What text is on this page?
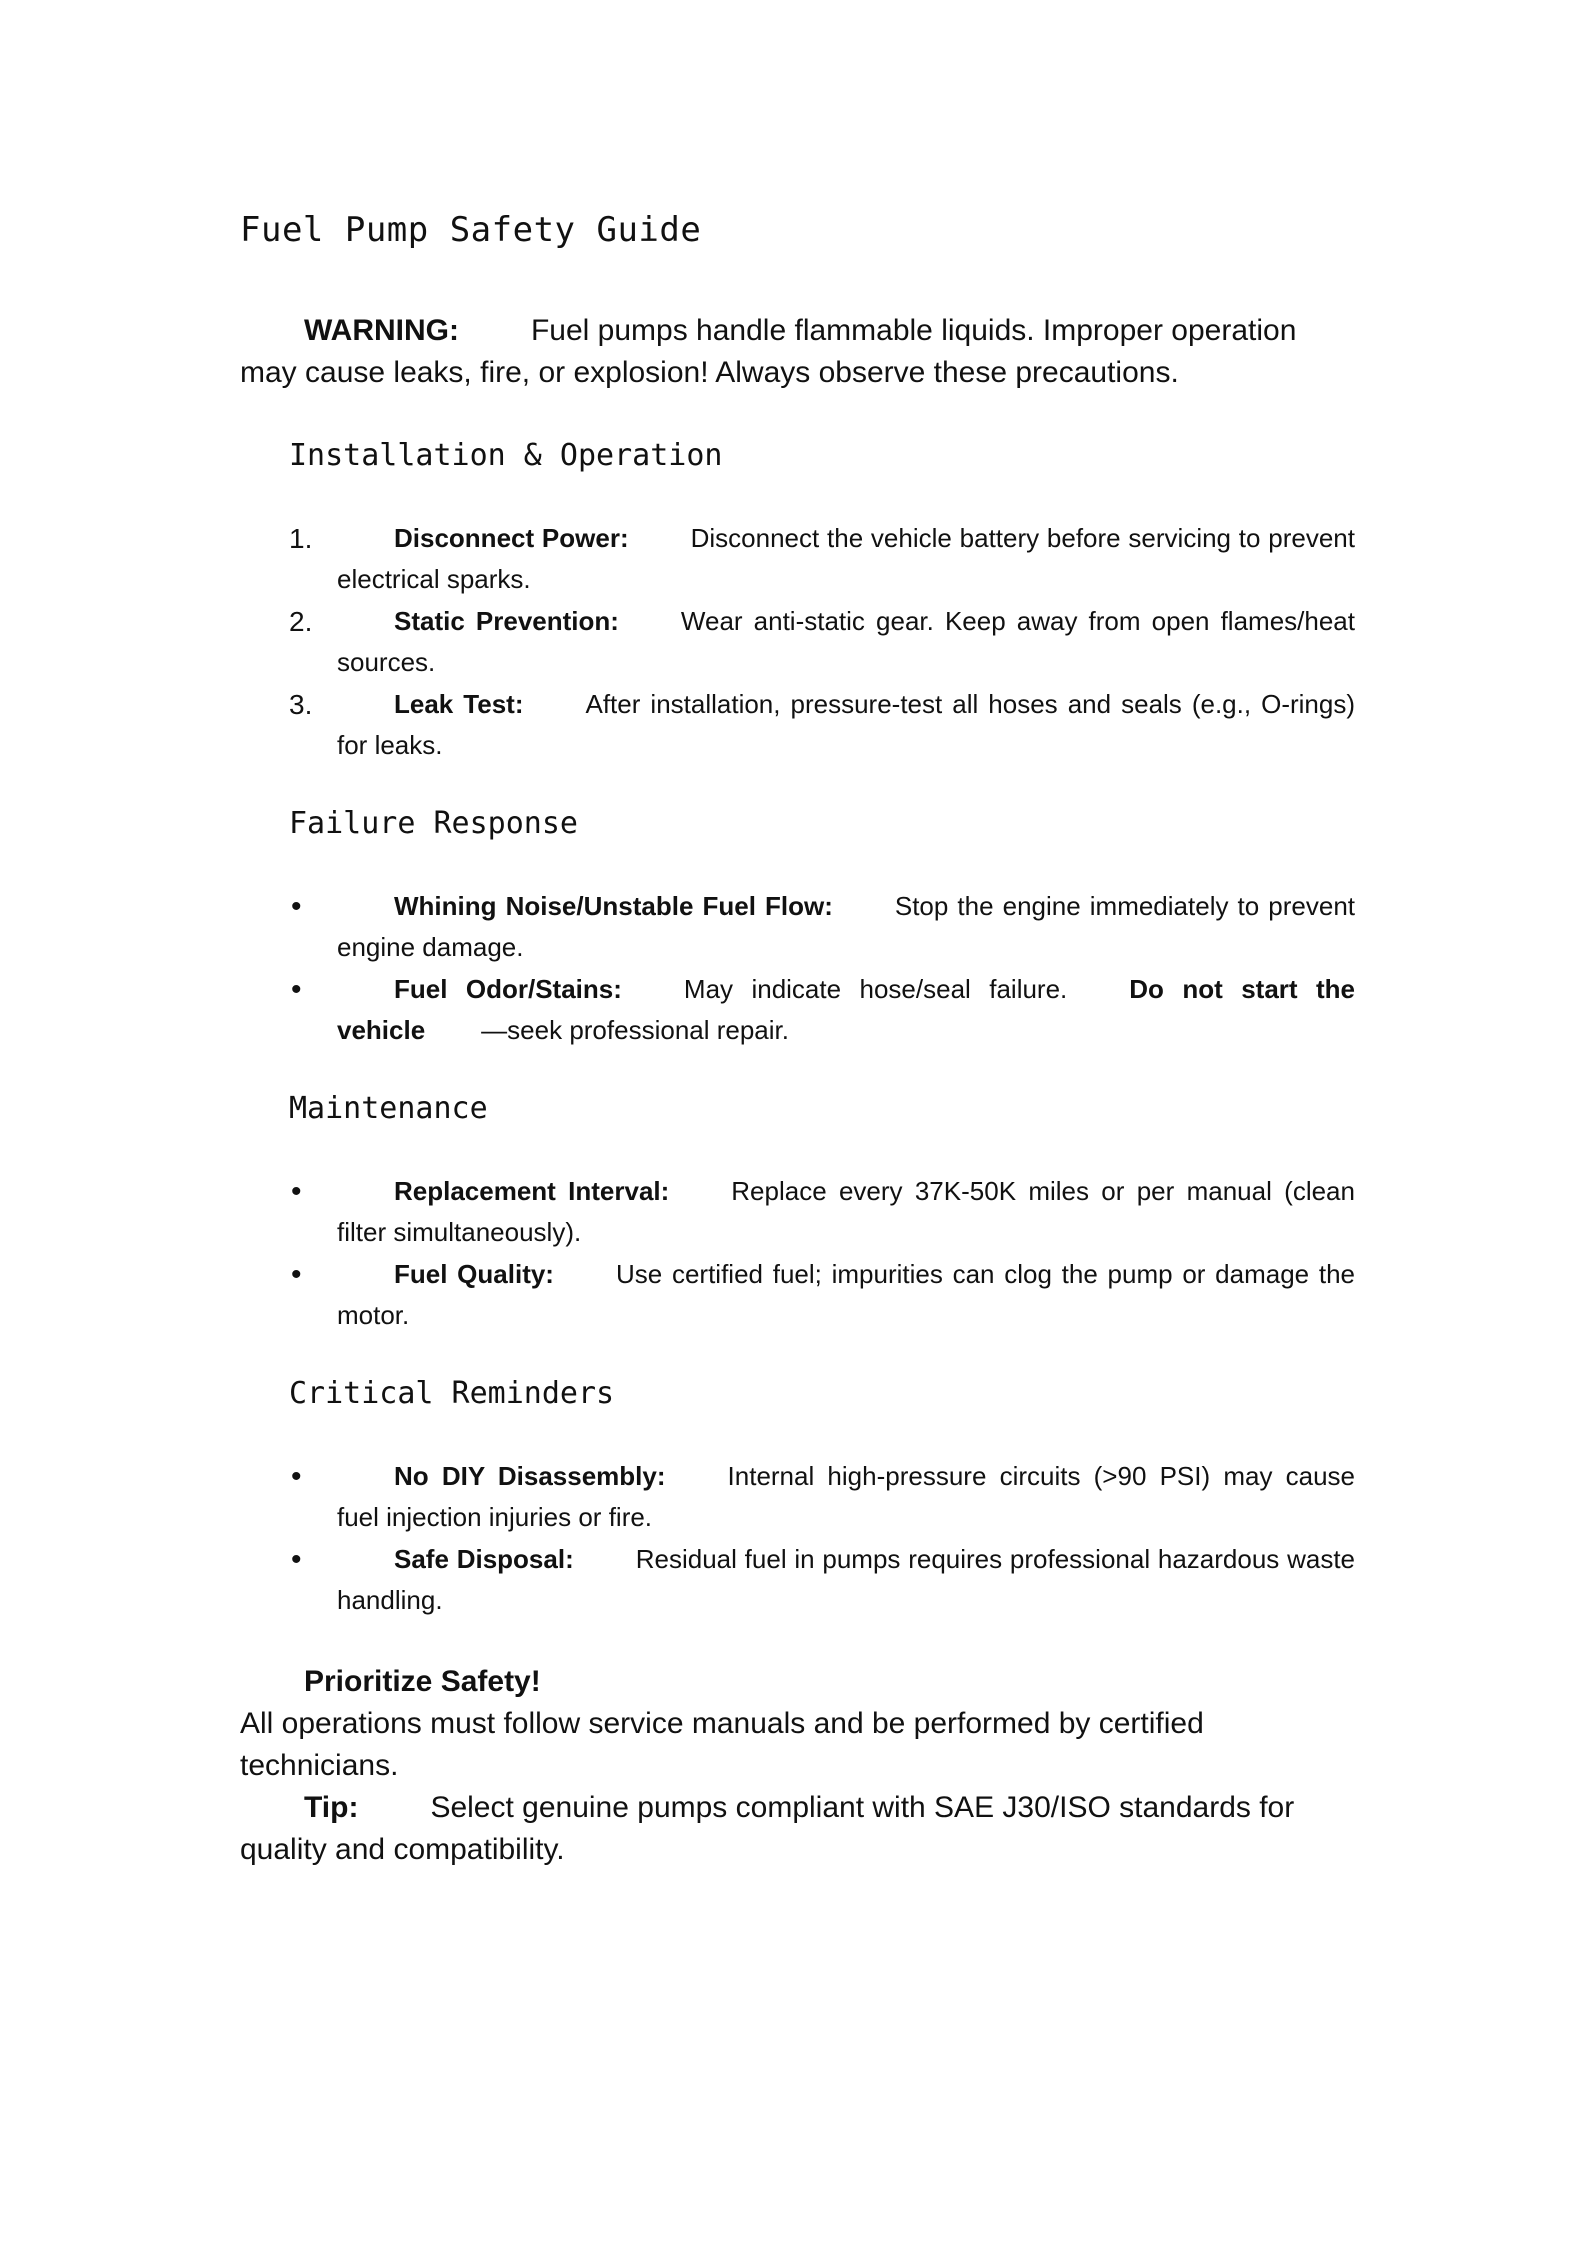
Fuel Pump Safety Guide

WARNING: Fuel pumps handle flammable liquids. Improper operation may cause leaks, fire, or explosion! Always observe these precautions.

Installation & Operation
1.	Disconnect Power: Disconnect the vehicle battery before servicing to prevent electrical sparks.
2.	Static Prevention: Wear anti-static gear. Keep away from open flames/heat sources.
3.	Leak Test: After installation, pressure-test all hoses and seals (e.g., O-rings) for leaks.
Failure Response
•	Whining Noise/Unstable Fuel Flow: Stop the engine immediately to prevent engine damage.
•	Fuel Odor/Stains: May indicate hose/seal failure. Do not start the vehicle —seek professional repair.
Maintenance
•	Replacement Interval: Replace every 37K-50K miles or per manual (clean filter simultaneously).
•	Fuel Quality: Use certified fuel; impurities can clog the pump or damage the motor.
Critical Reminders
•	No DIY Disassembly: Internal high-pressure circuits (>90 PSI) may cause fuel injection injuries or fire.
•	Safe Disposal: Residual fuel in pumps requires professional hazardous waste handling.

Prioritize Safety!
All operations must follow service manuals and be performed by certified technicians.

Tip: Select genuine pumps compliant with SAE J30/ISO standards for quality and compatibility.
